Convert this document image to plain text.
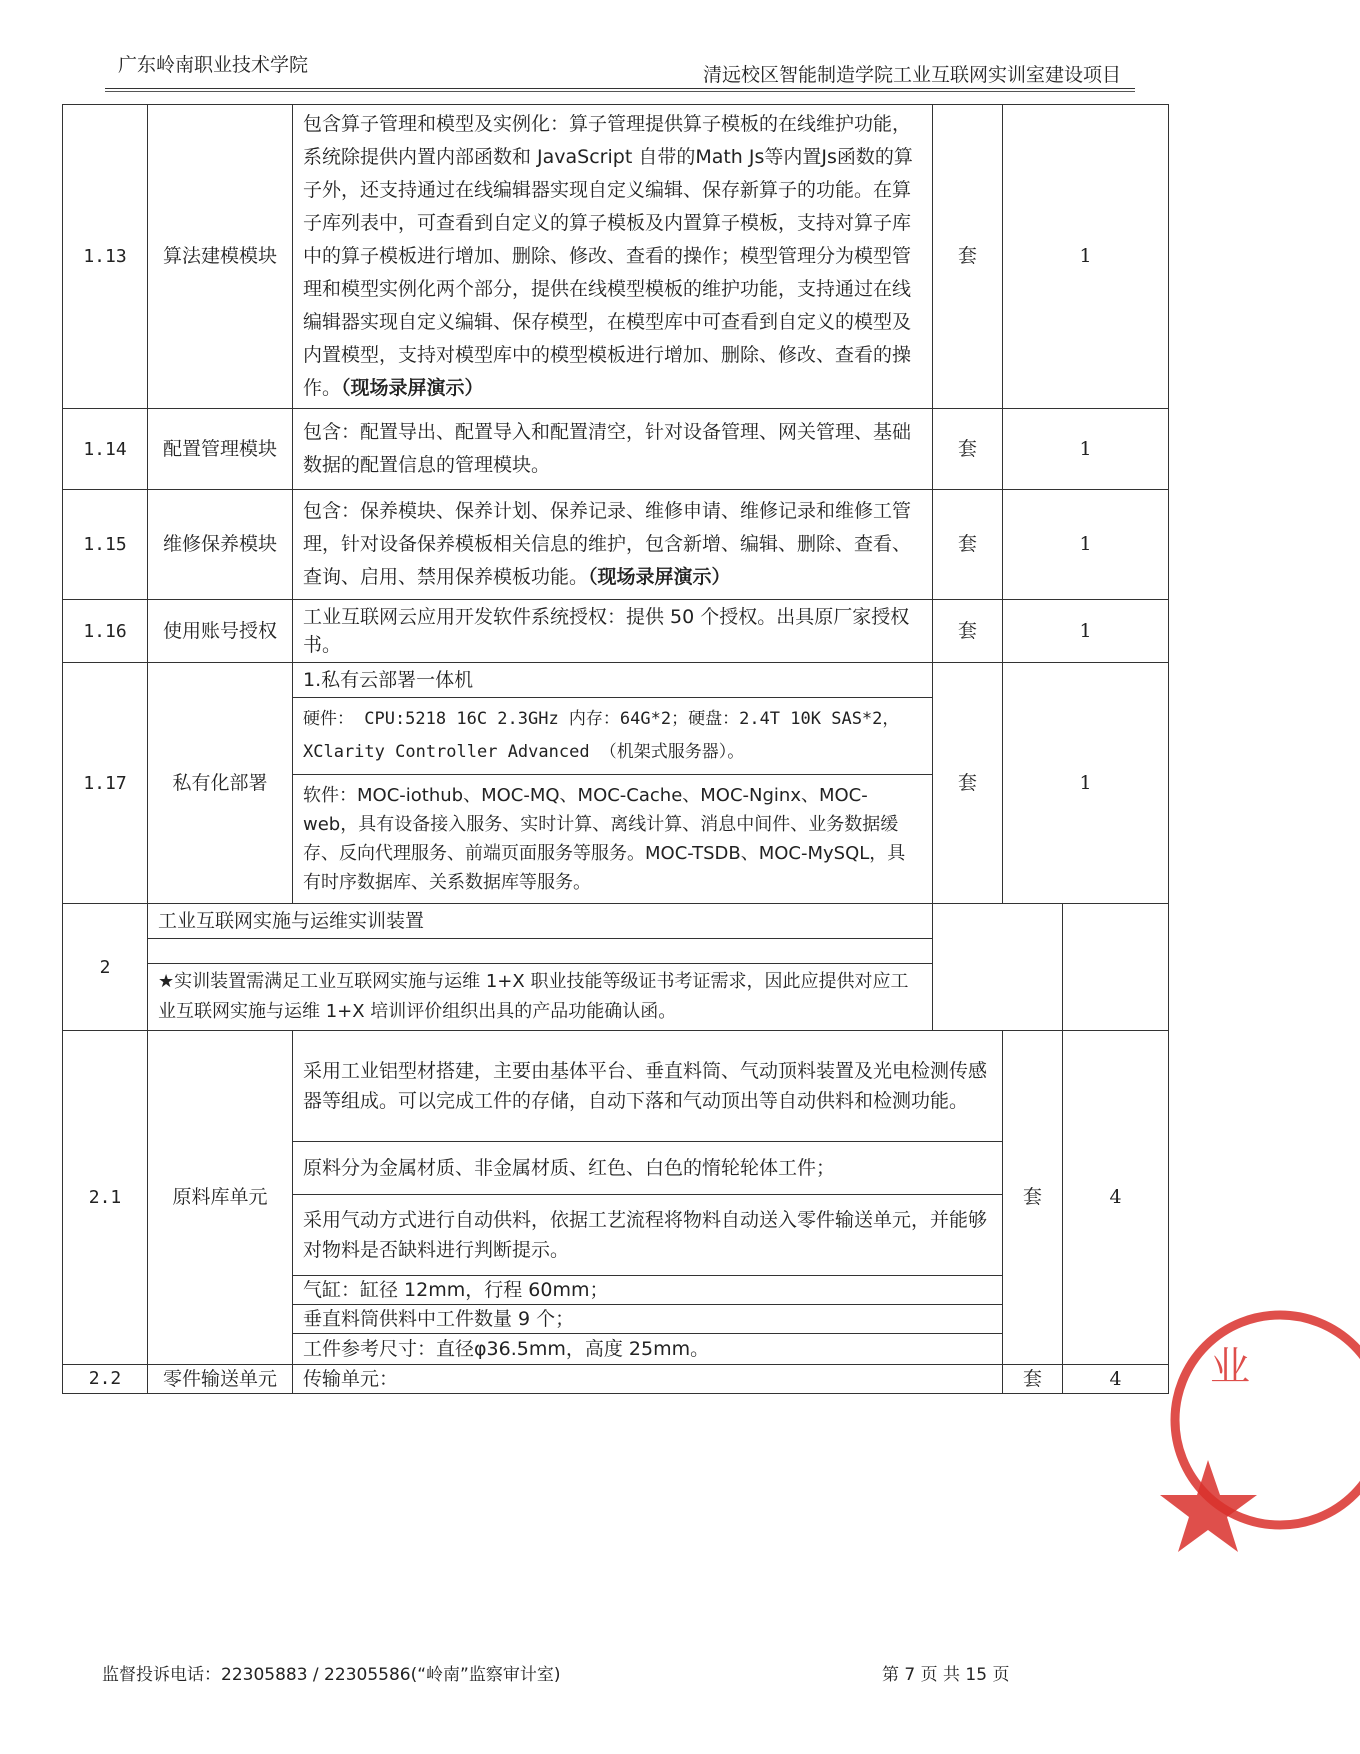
广东岭南职业技术学院	清远校区智能制造学院工业互联网实训室建设项目
1.13	算法建模模块	包含算子管理和模型及实例化：算子管理提供算子模板的在线维护功能，系统除提供内置内部函数和 JavaScript 自带的Math Js等内置Js函数的算子外，还支持通过在线编辑器实现自定义编辑、保存新算子的功能。在算子库列表中，可查看到自定义的算子模板及内置算子模板，支持对算子库中的算子模板进行增加、删除、修改、查看的操作；模型管理分为模型管理和模型实例化两个部分，提供在线模型模板的维护功能，支持通过在线编辑器实现自定义编辑、保存模型，在模型库中可查看到自定义的模型及内置模型，支持对模型库中的模型模板进行增加、删除、修改、查看的操作。（现场录屏演示）	套	1	
1.14	配置管理模块	包含：配置导出、配置导入和配置清空，针对设备管理、网关管理、基础数据的配置信息的管理模块。	套	1	
1.15	维修保养模块	包含：保养模块、保养计划、保养记录、维修申请、维修记录和维修工管理，针对设备保养模板相关信息的维护，包含新增、编辑、删除、查看、查询、启用、禁用保养模板功能。（现场录屏演示）	套	1	
1.16	使用账号授权	工业互联网云应用开发软件系统授权：提供 50 个授权。出具原厂家授权书。	套	1	
1.17	私有化部署	1.私有云部署一体机	套	1	
		硬件： CPU:5218 16C 2.3GHz 内存：64G*2；硬盘：2.4T 10K SAS*2，XClarity Controller Advanced （机架式服务器）。			
		软件：MOC-iothub、MOC-MQ、MOC-Cache、MOC-Nginx、MOC-web，具有设备接入服务、实时计算、离线计算、消息中间件、业务数据缓存、反向代理服务、前端页面服务等服务。MOC-TSDB、MOC-MySQL，具有时序数据库、关系数据库等服务。			
2	工业互联网实施与运维实训装置				

	★实训装置需满足工业互联网实施与运维 1+X 职业技能等级证书考证需求，因此应提供对应工业互联网实施与运维 1+X 培训评价组织出具的产品功能确认函。				
2.1	原料库单元	采用工业铝型材搭建，主要由基体平台、垂直料筒、气动顶料装置及光电检测传感器等组成。可以完成工件的存储，自动下落和气动顶出等自动供料和检测功能。		套	4
		原料分为金属材质、非金属材质、红色、白色的惰轮轮体工件；			
		采用气动方式进行自动供料，依据工艺流程将物料自动送入零件输送单元，并能够对物料是否缺料进行判断提示。			
		气缸：缸径 12mm，行程 60mm；			
		垂直料筒供料中工件数量 9 个；			
		工件参考尺寸：直径φ36.5mm，高度 25mm。			
2.2	零件输送单元	传输单元：		套	4 业
监督投诉电话：22305883 / 22305586(“岭南”监察审计室)	第 7 页 共 15 页
